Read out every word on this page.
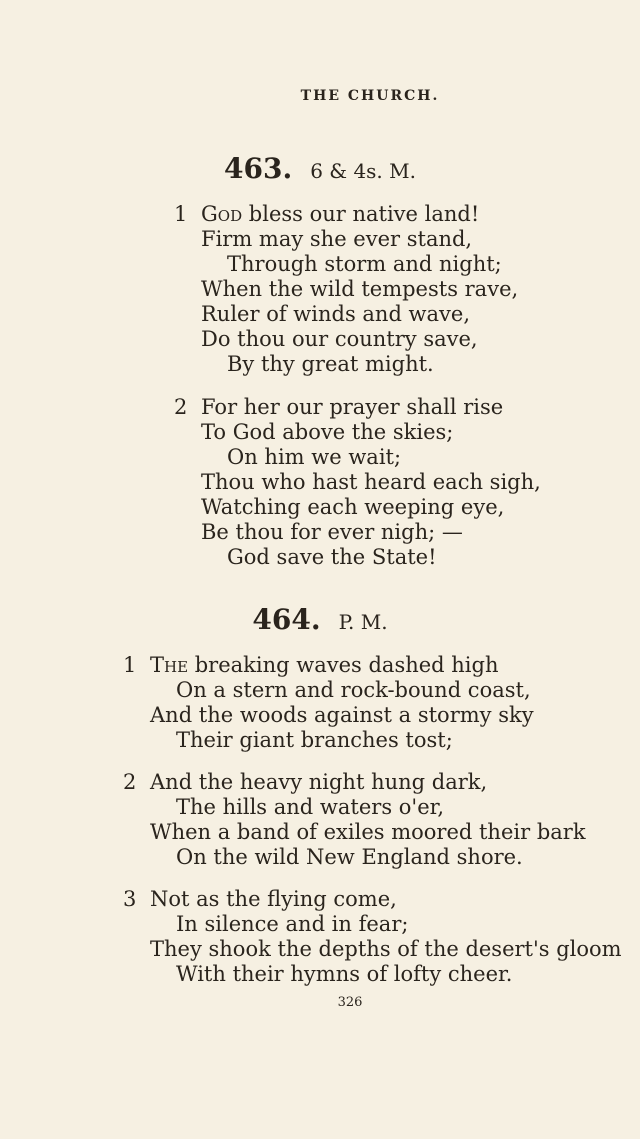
THE CHURCH.
463. 6 & 4s. M.
1 God bless our native land!
Firm may she ever stand,
Through storm and night;
When the wild tempests rave,
Ruler of winds and wave,
Do thou our country save,
By thy great might.
2 For her our prayer shall rise
To God above the skies;
On him we wait;
Thou who hast heard each sigh,
Watching each weeping eye,
Be thou for ever nigh; —
God save the State!
464. P. M.
1 The breaking waves dashed high
On a stern and rock-bound coast,
And the woods against a stormy sky
Their giant branches tost;
2 And the heavy night hung dark,
The hills and waters o'er,
When a band of exiles moored their bark
On the wild New England shore.
3 Not as the flying come,
In silence and in fear;
They shook the depths of the desert's gloom
With their hymns of lofty cheer.
326
